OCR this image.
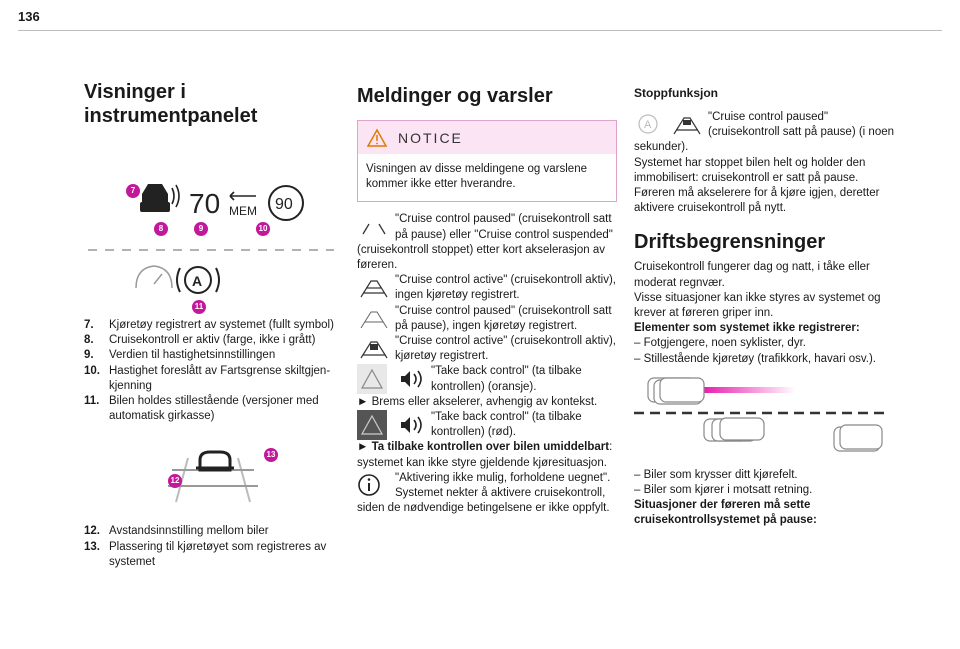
136
Visninger i
instrumentpanelet
70 MEM 90
A
7
8	9	10
11
7.	Kjøretøy registrert av systemet (fullt symbol)
8.	Cruisekontroll er aktiv (farge, ikke i grått)
9.	Verdien til hastighetsinnstillingen
10. Hastighet foreslått av Fartsgrense skiltgjenkjenning
11. Bilen holdes stillestående (versjoner med automatisk girkasse)
13
12
12. Avstandsinnstilling mellom biler
13. Plassering til kjøretøyet som registreres av systemet
Meldinger og varsler
NOTICE
Visningen av disse meldingene og varslene kommer ikke etter hverandre.
"Cruise control paused" (cruisekontroll satt på pause) eller "Cruise control suspended" (cruisekontroll stoppet) etter kort akselerasjon av føreren.
"Cruise control active" (cruisekontroll aktiv), ingen kjøretøy registrert.
"Cruise control paused" (cruisekontroll satt på pause), ingen kjøretøy registrert.
"Cruise control active" (cruisekontroll aktiv), kjøretøy registrert.
"Take back control" (ta tilbake kontrollen) (oransje).

► Brems eller akselerer, avhengig av kontekst.

"Take back control" (ta tilbake kontrollen) (rød).

► Ta tilbake kontrollen over bilen umiddelbart: systemet kan ikke styre gjeldende kjøresituasjon.

"Aktivering ikke mulig, forholdene uegnet". Systemet nekter å aktivere cruisekontroll, siden de nødvendige betingelsene er ikke oppfylt.
Stoppfunksjon
A
"Cruise control paused" (cruisekontroll satt på pause) (i noen sekunder).

Systemet har stoppet bilen helt og holder den immobilisert: cruisekontroll er satt på pause. Føreren må akselerere for å kjøre igjen, deretter aktivere cruisekontroll på nytt.

Driftsbegrensninger

Cruisekontroll fungerer dag og natt, i tåke eller moderat regnvær.

Visse situasjoner kan ikke styres av systemet og krever at føreren griper inn.

Elementer som systemet ikke registrerer:

– Fotgjengere, noen syklister, dyr.
– Stillestående kjøretøy (trafikkork, havari osv.).
– Biler som krysser ditt kjørefelt.
– Biler som kjører i motsatt retning.

Situasjoner der føreren må sette cruisekontrollsystemet på pause:
